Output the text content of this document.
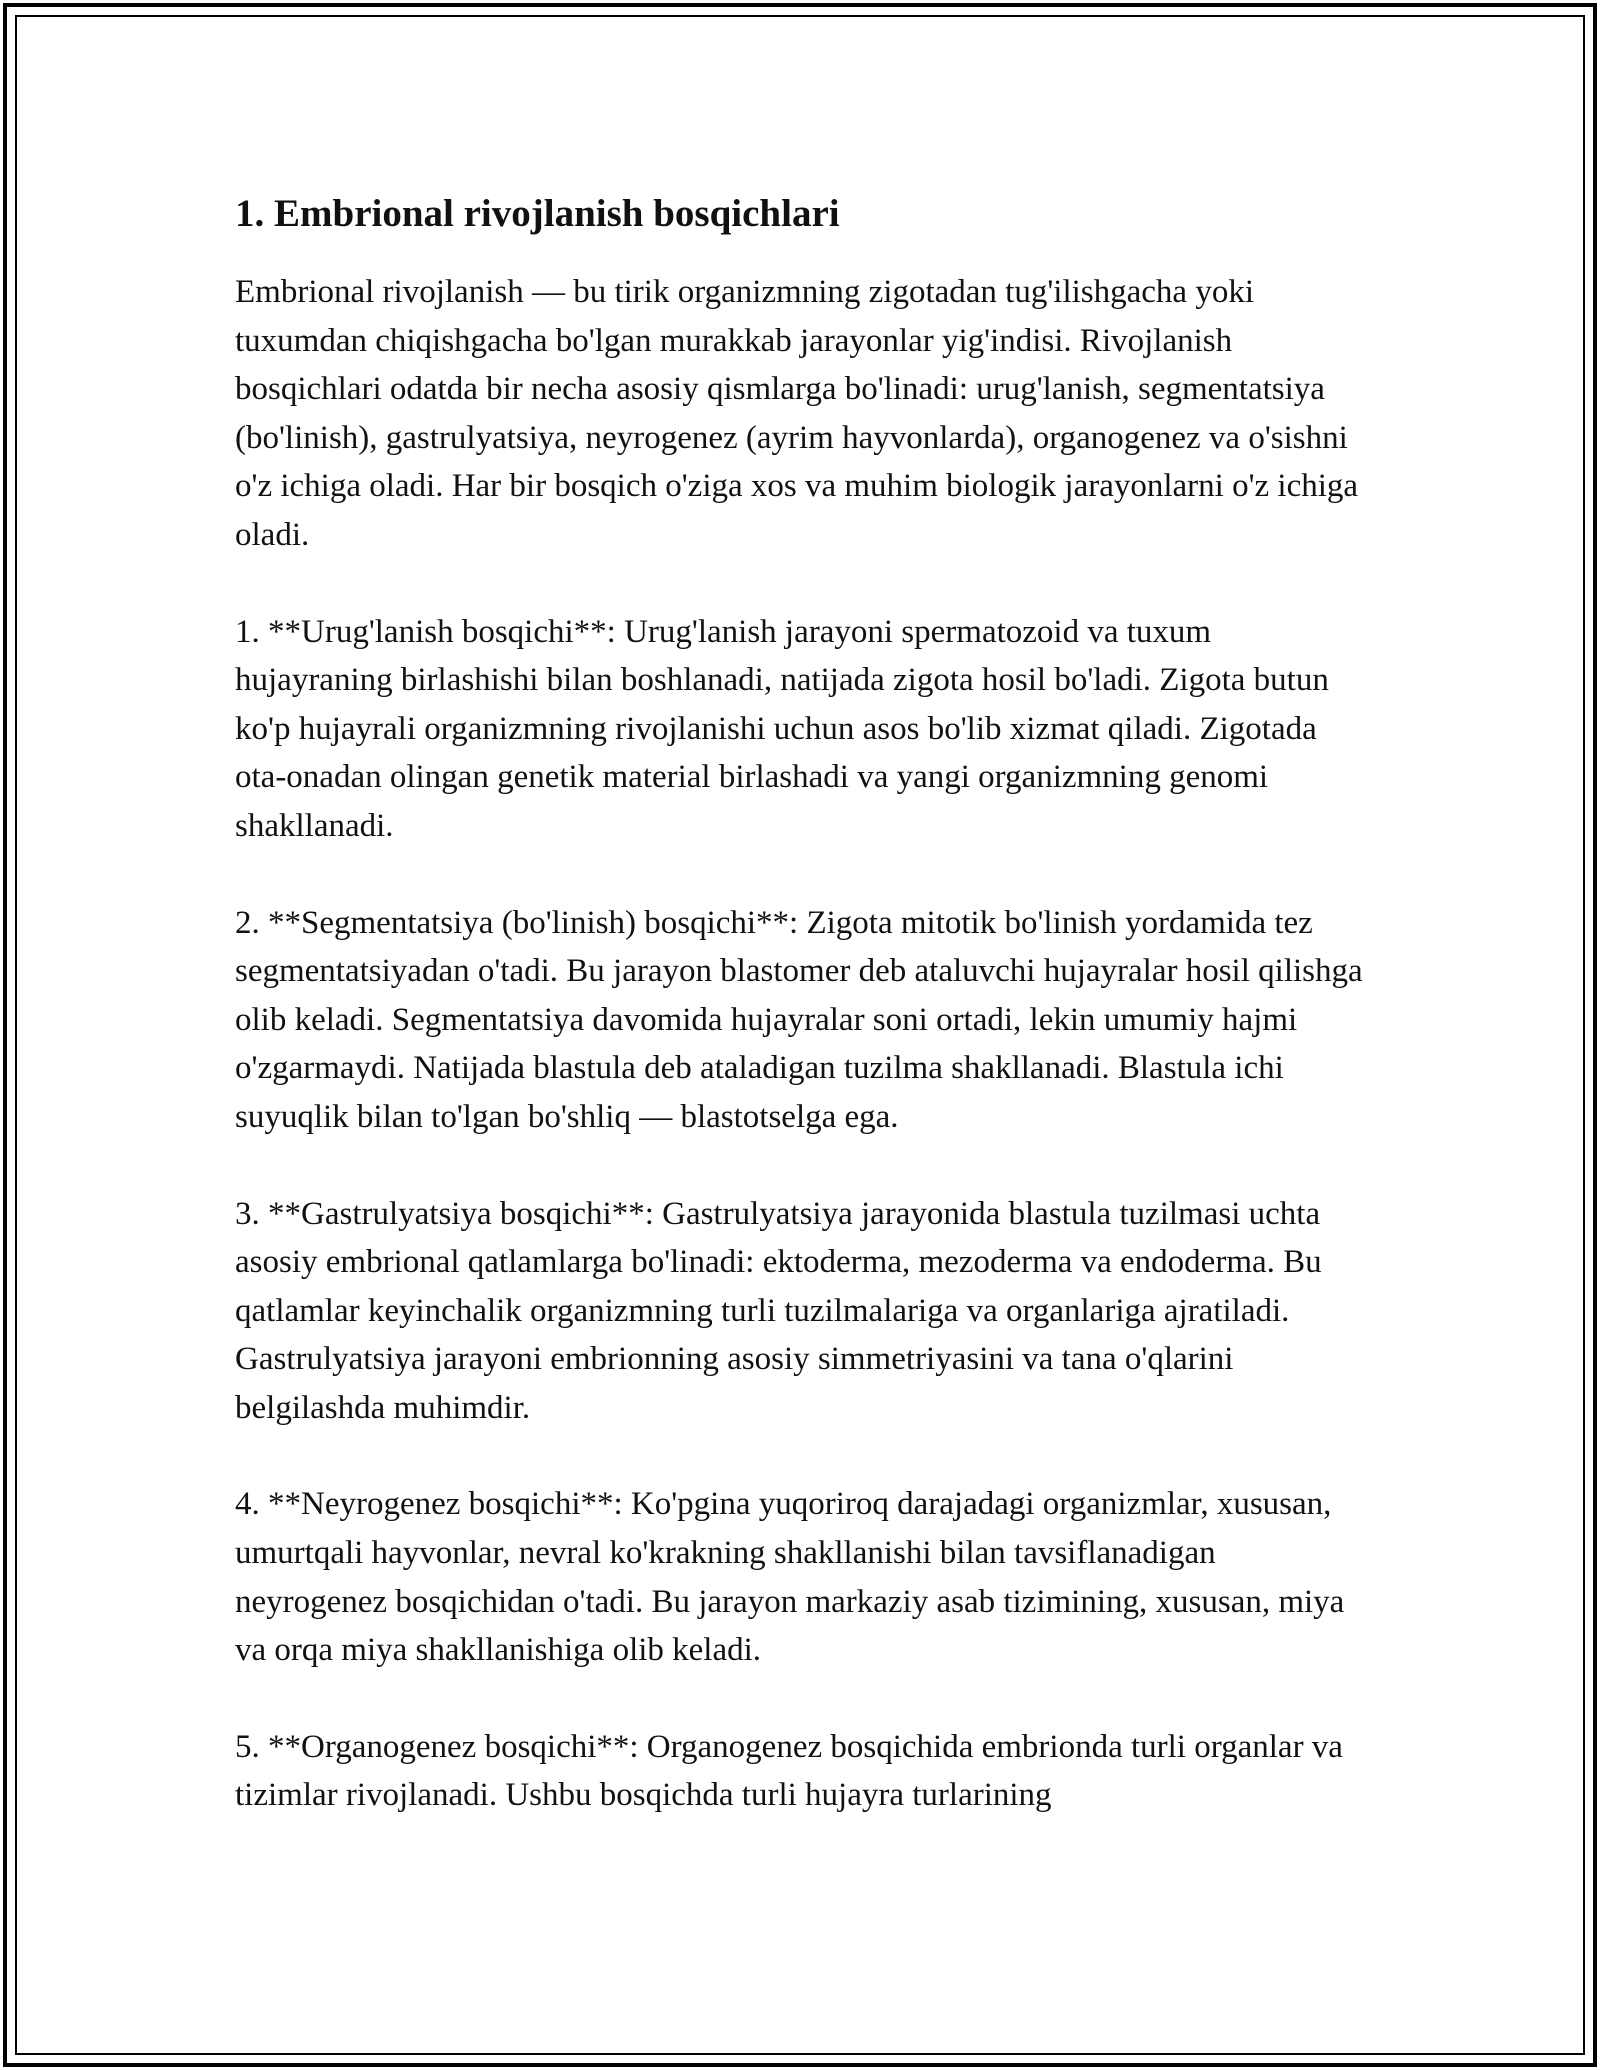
1. Embrional rivojlanish bosqichlari

Embrional rivojlanish — bu tirik organizmning zigotadan tug'ilishgacha yoki tuxumdan chiqishgacha bo'lgan murakkab jarayonlar yig'indisi. Rivojlanish bosqichlari odatda bir necha asosiy qismlarga bo'linadi: urug'lanish, segmentatsiya (bo'linish), gastrulyatsiya, neyrogenez (ayrim hayvonlarda), organogenez va o'sishni o'z ichiga oladi. Har bir bosqich o'ziga xos va muhim biologik jarayonlarni o'z ichiga oladi.

1. **Urug'lanish bosqichi**: Urug'lanish jarayoni spermatozoid va tuxum hujayraning birlashishi bilan boshlanadi, natijada zigota hosil bo'ladi. Zigota butun ko'p hujayrali organizmning rivojlanishi uchun asos bo'lib xizmat qiladi. Zigotada ota-onadan olingan genetik material birlashadi va yangi organizmning genomi shakllanadi.

2. **Segmentatsiya (bo'linish) bosqichi**: Zigota mitotik bo'linish yordamida tez segmentatsiyadan o'tadi. Bu jarayon blastomer deb ataluvchi hujayralar hosil qilishga olib keladi. Segmentatsiya davomida hujayralar soni ortadi, lekin umumiy hajmi o'zgarmaydi. Natijada blastula deb ataladigan tuzilma shakllanadi. Blastula ichi suyuqlik bilan to'lgan bo'shliq — blastotselga ega.

3. **Gastrulyatsiya bosqichi**: Gastrulyatsiya jarayonida blastula tuzilmasi uchta asosiy embrional qatlamlarga bo'linadi: ektoderma, mezoderma va endoderma. Bu qatlamlar keyinchalik organizmning turli tuzilmalariga va organlariga ajratiladi. Gastrulyatsiya jarayoni embrionning asosiy simmetriyasini va tana o'qlarini belgilashda muhimdir.

4. **Neyrogenez bosqichi**: Ko'pgina yuqoriroq darajadagi organizmlar, xususan, umurtqali hayvonlar, nevral ko'krakning shakllanishi bilan tavsiflanadigan neyrogenez bosqichidan o'tadi. Bu jarayon markaziy asab tizimining, xususan, miya va orqa miya shakllanishiga olib keladi.

5. **Organogenez bosqichi**: Organogenez bosqichida embrionda turli organlar va tizimlar rivojlanadi. Ushbu bosqichda turli hujayra turlarining
